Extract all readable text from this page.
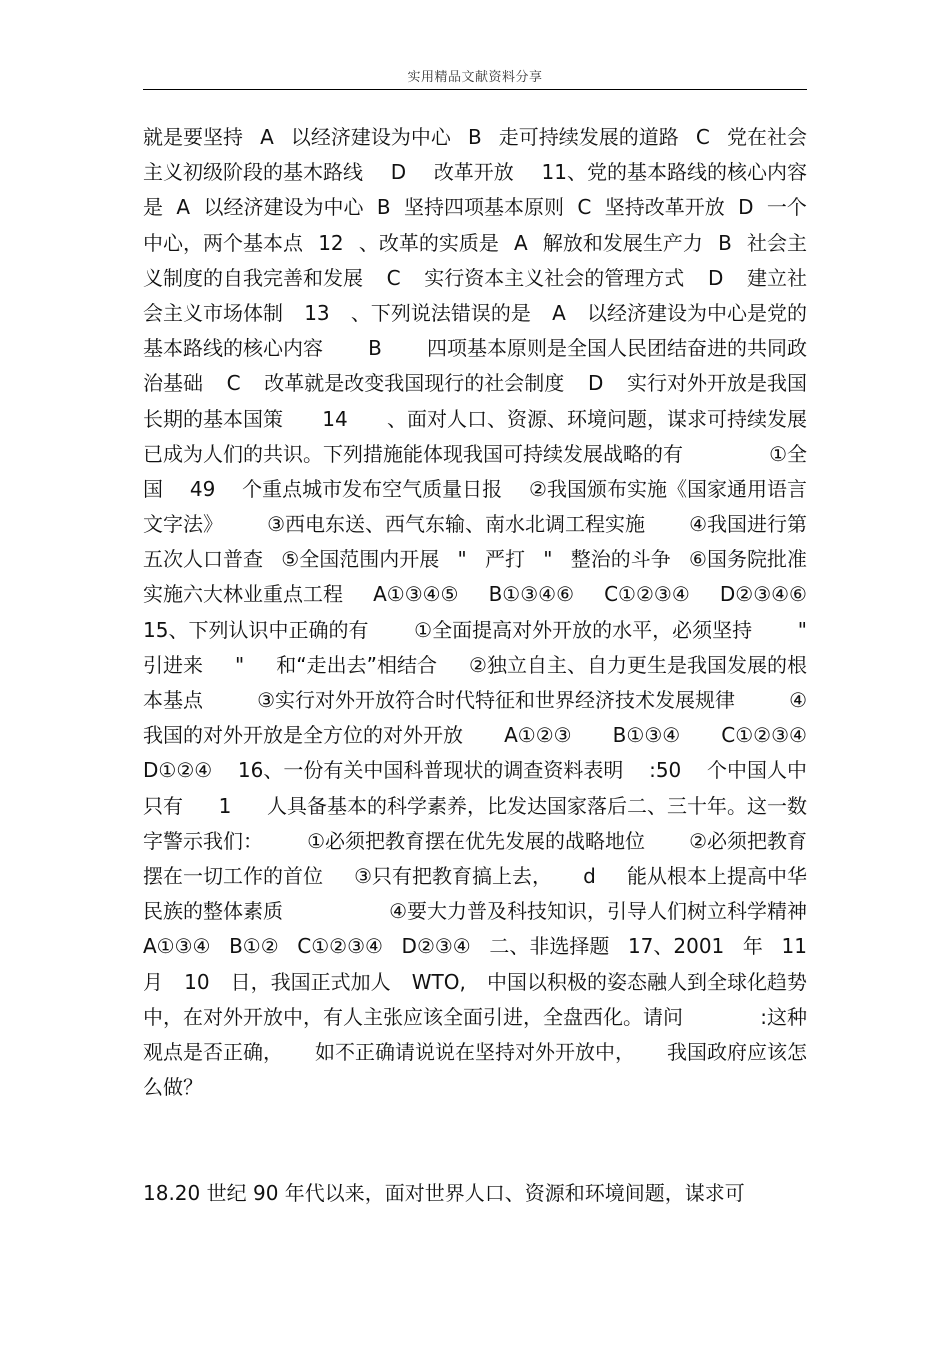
实用精品文献资料分享
就是要坚持 A 以经济建设为中心 B 走可持续发展的道路 C 党在社会
主义初级阶段的基木路线 D 改革开放 11、党的基本路线的核心内容
是 A 以经济建设为中心 B 坚持四项基本原则 C 坚持改革开放 D 一个
中心，两个基本点 12 、改革的实质是 A 解放和发展生产力 B 社会主
义制度的自我完善和发展 C 实行资本主义社会的管理方式 D 建立社
会主义市场体制 13 、下列说法错误的是 A 以经济建设为中心是党的
基本路线的核心内容 B 四项基本原则是全国人民团结奋进的共同政
治基础 C 改革就是改变我国现行的社会制度 D 实行对外开放是我国
长期的基本国策 14 、面对人口、资源、环境问题，谋求可持续发展
已成为人们的共识。下列措施能体现我国可持续发展战略的有	①全
国 49 个重点城市发布空气质量日报 ②我国颁布实施《国家通用语言
文字法》 ③西电东送、西气东输、南水北调工程实施 ④我国进行第
五次人口普查 ⑤全国范围内开展 " 严打 " 整治的斗争 ⑥国务院批准
实施六大林业重点工程 A①③④⑤ B①③④⑥ C①②③④ D②③④⑥
15、下列认识中正确的有 ①全面提高对外开放的水平，必须坚持 "
引进来 " 和“走出去”相结合 ②独立自主、自力更生是我国发展的根
本基点	③实行对外开放符合时代特征和世界经济技术发展规律	④
我国的对外开放是全方位的对外开放 A①②③ B①③④ C①②③④
D①②④ 16、一份有关中国科普现状的调查资料表明 :50 个中国人中
只有 1 人具备基本的科学素养，比发达国家落后二、三十年。这一数
字警示我们： ①必须把教育摆在优先发展的战略地位 ②必须把教育
摆在一切工作的首位 ③只有把教育搞上去， d 能从根本上提高中华
民族的整体素质	④要大力普及科技知识，引导人们树立科学精神
A①③④ B①② C①②③④ D②③④ 二、非选择题 17、2001 年 11
月 10 日，我国正式加人 WTO, 中国以积极的姿态融人到全球化趋势
中，在对外开放中，有人主张应该全面引进，全盘西化。请问	:这种
观点是否正确， 如不正确请说说在坚持对外开放中， 我国政府应该怎
么做？
18.20 世纪 90 年代以来，面对世界人口、资源和环境间题，谋求可
